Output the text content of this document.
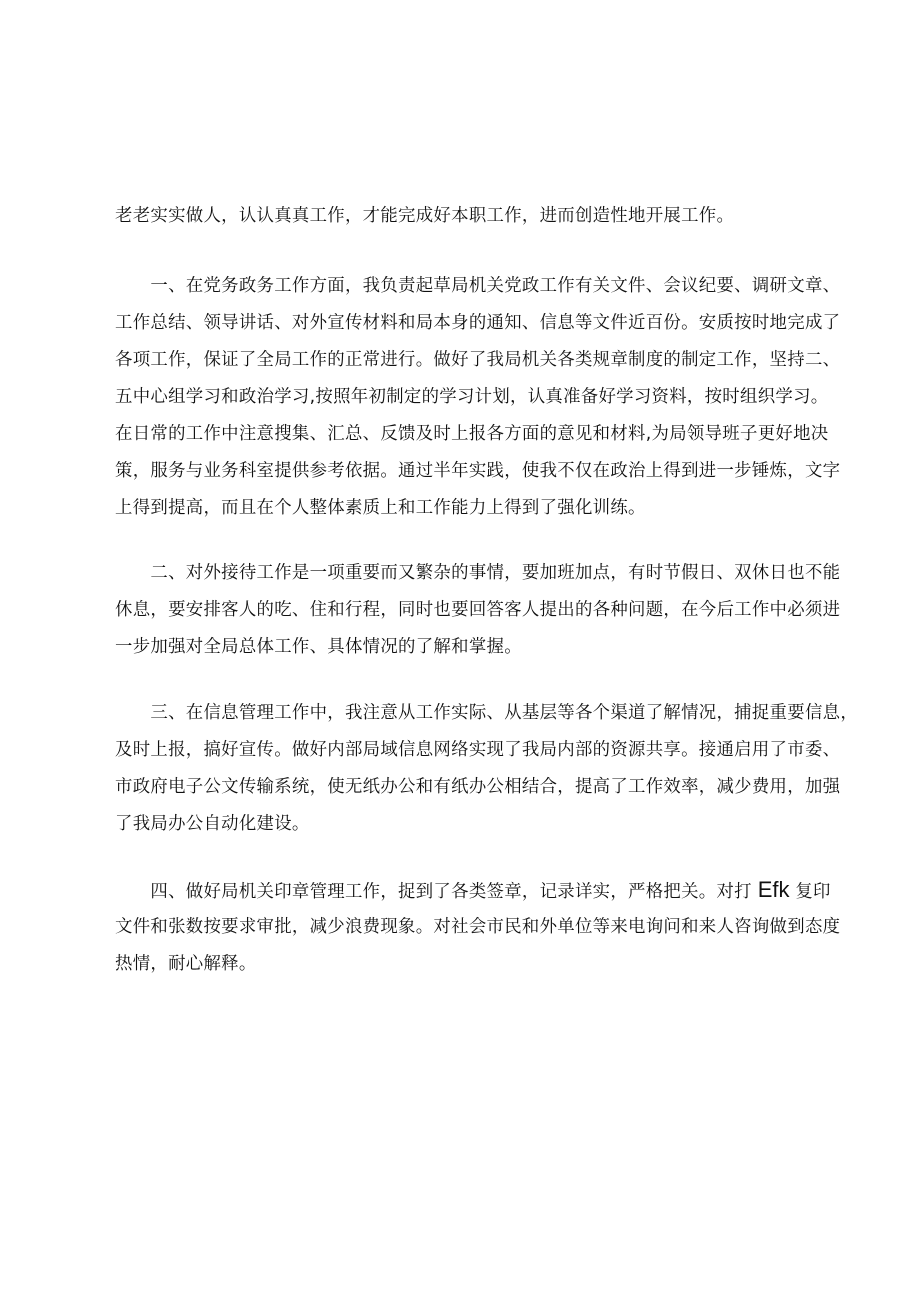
老老实实做人，认认真真工作，才能完成好本职工作，进而创造性地开展工作。
　　一、在党务政务工作方面，我负责起草局机关党政工作有关文件、会议纪要、调研文章、
工作总结、领导讲话、对外宣传材料和局本身的通知、信息等文件近百份。安质按时地完成了
各项工作，保证了全局工作的正常进行。做好了我局机关各类规章制度的制定工作，坚持二、
五中心组学习和政治学习,按照年初制定的学习计划，认真准备好学习资料，按时组织学习。
在日常的工作中注意搜集、汇总、反馈及时上报各方面的意见和材料,为局领导班子更好地决
策，服务与业务科室提供参考依据。通过半年实践，使我不仅在政治上得到进一步锤炼，文字
上得到提高，而且在个人整体素质上和工作能力上得到了强化训练。
　　二、对外接待工作是一项重要而又繁杂的事情，要加班加点，有时节假日、双休日也不能
休息，要安排客人的吃、住和行程，同时也要回答客人提出的各种问题，在今后工作中必须进
一步加强对全局总体工作、具体情况的了解和掌握。
　　三、在信息管理工作中，我注意从工作实际、从基层等各个渠道了解情况，捕捉重要信息，
及时上报，搞好宣传。做好内部局域信息网络实现了我局内部的资源共享。接通启用了市委、
市政府电子公文传输系统，使无纸办公和有纸办公相结合，提高了工作效率，减少费用，加强
了我局办公自动化建设。
　　四、做好局机关印章管理工作，捉到了各类签章，记录详实，严格把关。对打 Efk 复印
文件和张数按要求审批，减少浪费现象。对社会市民和外单位等来电询问和来人咨询做到态度
热情，耐心解释。
